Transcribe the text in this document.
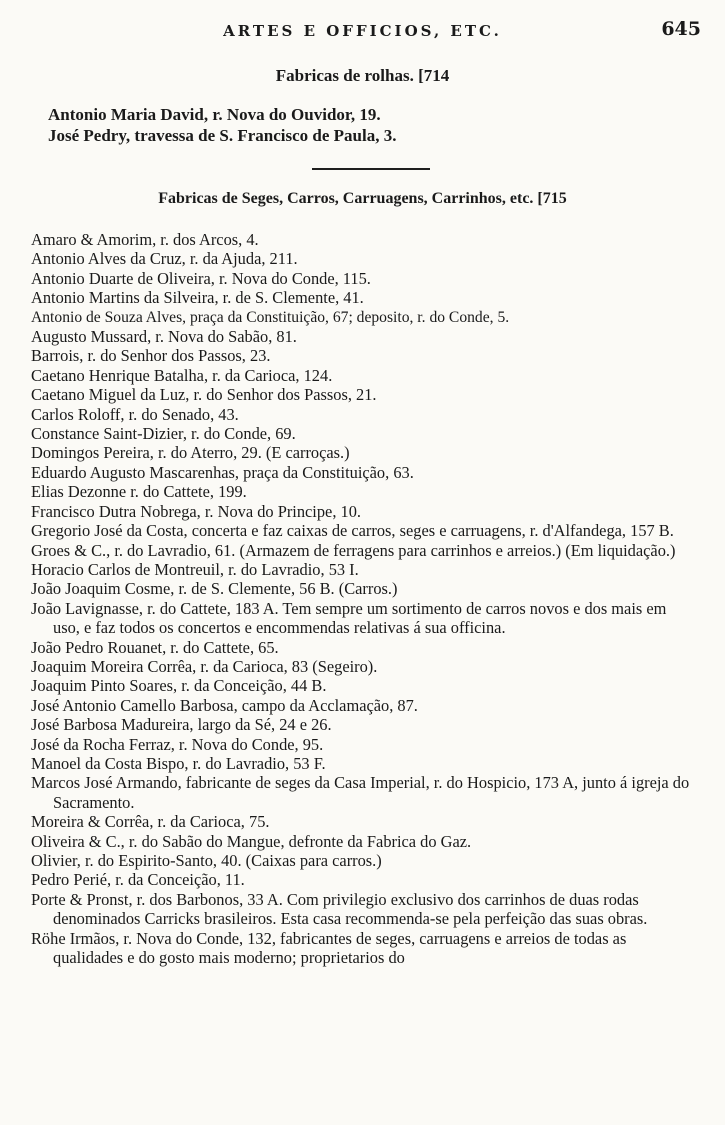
ARTES E OFFICIOS, ETC.	645
Fabricas de rolhas. [714

Antonio Maria David, r. Nova do Ouvidor, 19.

José Pedry, travessa de S. Francisco de Paula, 3.

Fabricas de Seges, Carros, Carruagens, Carrinhos, etc. [715

Amaro & Amorim, r. dos Arcos, 4.

Antonio Alves da Cruz, r. da Ajuda, 211.

Antonio Duarte de Oliveira, r. Nova do Conde, 115.

Antonio Martins da Silveira, r. de S. Clemente, 41.

Antonio de Souza Alves, praça da Constituição, 67; deposito, r. do Conde, 5.

Augusto Mussard, r. Nova do Sabão, 81.

Barrois, r. do Senhor dos Passos, 23.

Caetano Henrique Batalha, r. da Carioca, 124.

Caetano Miguel da Luz, r. do Senhor dos Passos, 21.

Carlos Roloff, r. do Senado, 43.

Constance Saint-Dizier, r. do Conde, 69.

Domingos Pereira, r. do Aterro, 29. (E carroças.)

Eduardo Augusto Mascarenhas, praça da Constituição, 63.

Elias Dezonne r. do Cattete, 199.

Francisco Dutra Nobrega, r. Nova do Principe, 10.

Gregorio José da Costa, concerta e faz caixas de carros, seges e carruagens, r. d'Alfandega, 157 B.

Groes & C., r. do Lavradio, 61. (Armazem de ferragens para carrinhos e arreios.) (Em liquidação.)

Horacio Carlos de Montreuil, r. do Lavradio, 53 I.

João Joaquim Cosme, r. de S. Clemente, 56 B. (Carros.)

João Lavignasse, r. do Cattete, 183 A. Tem sempre um sortimento de carros novos e dos mais em uso, e faz todos os concertos e encommendas relativas á sua officina.

João Pedro Rouanet, r. do Cattete, 65.

Joaquim Moreira Corrêa, r. da Carioca, 83 (Segeiro).

Joaquim Pinto Soares, r. da Conceição, 44 B.

José Antonio Camello Barbosa, campo da Acclamação, 87.

José Barbosa Madureira, largo da Sé, 24 e 26.

José da Rocha Ferraz, r. Nova do Conde, 95.

Manoel da Costa Bispo, r. do Lavradio, 53 F.

Marcos José Armando, fabricante de seges da Casa Imperial, r. do Hospicio, 173 A, junto á igreja do Sacramento.

Moreira & Corrêa, r. da Carioca, 75.

Oliveira & C., r. do Sabão do Mangue, defronte da Fabrica do Gaz.

Olivier, r. do Espirito-Santo, 40. (Caixas para carros.)

Pedro Perié, r. da Conceição, 11.

Porte & Pronst, r. dos Barbonos, 33 A. Com privilegio exclusivo dos carrinhos de duas rodas denominados Carricks brasileiros. Esta casa recommenda-se pela perfeição das suas obras.

Röhe Irmãos, r. Nova do Conde, 132, fabricantes de seges, carruagens e arreios de todas as qualidades e do gosto mais moderno; proprietarios do
